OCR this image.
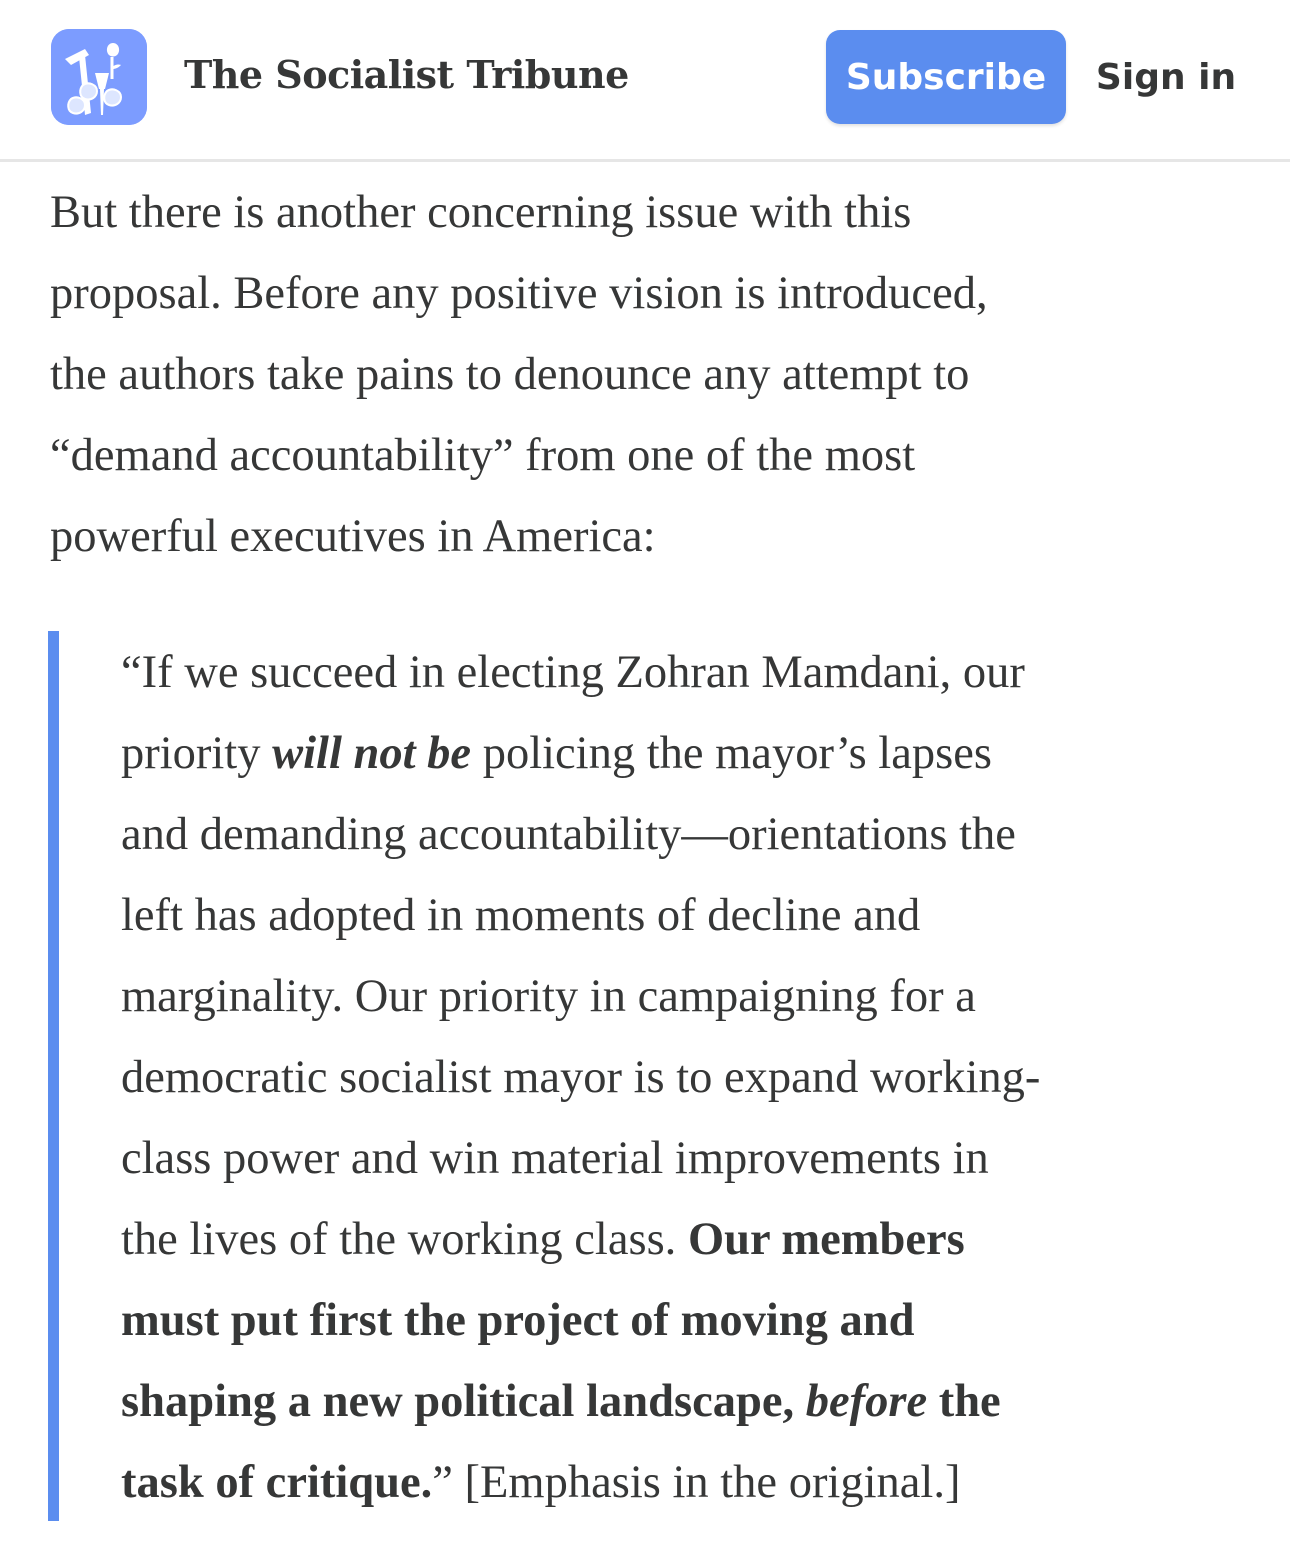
The Socialist Tribune	Subscribe	Sign in
But there is another concerning issue with this
proposal. Before any positive vision is introduced,
the authors take pains to denounce any attempt to
“demand accountability” from one of the most
powerful executives in America:
“If we succeed in electing Zohran Mamdani, our
priority will not be policing the mayor’s lapses
and demanding accountability—orientations the
left has adopted in moments of decline and
marginality. Our priority in campaigning for a
democratic socialist mayor is to expand working-
class power and win material improvements in
the lives of the working class. Our members
must put first the project of moving and
shaping a new political landscape, before the
task of critique.” [Emphasis in the original.]
